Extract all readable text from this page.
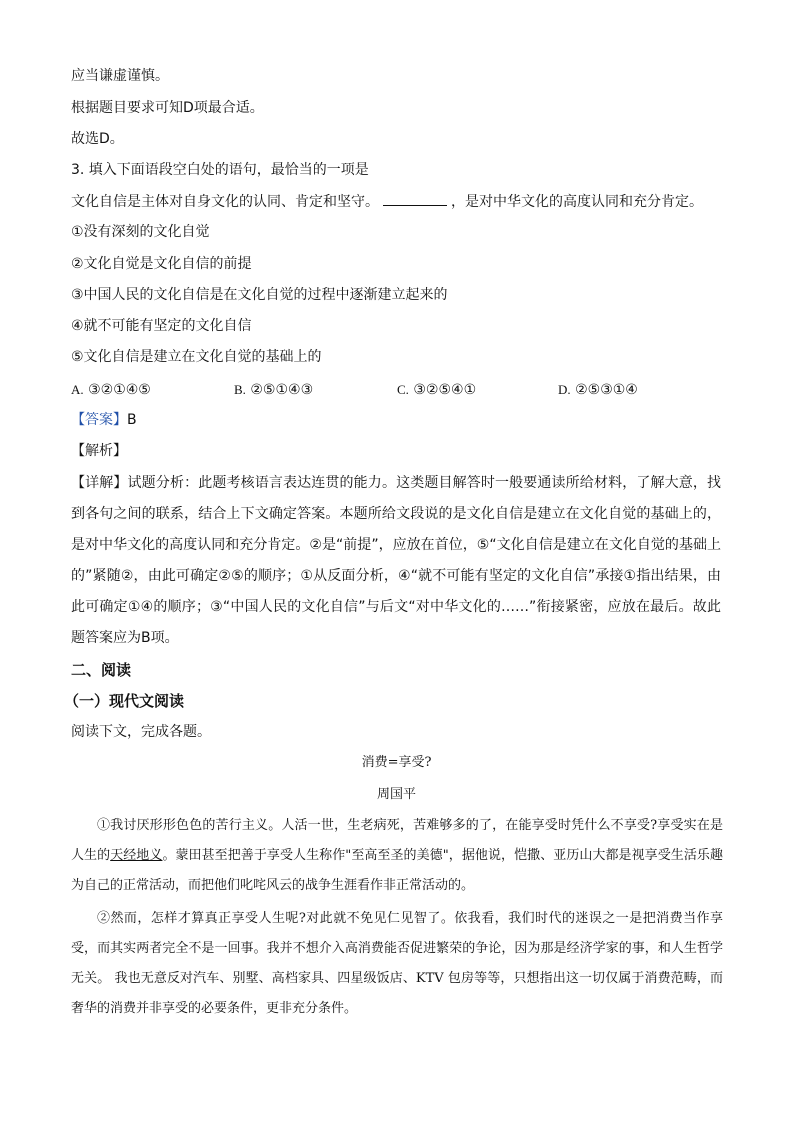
应当谦虚谨慎。
根据题目要求可知D项最合适。
故选D。
3. 填入下面语段空白处的语句，最恰当的一项是
文化自信是主体对自身文化的认同、肯定和坚守。	，是对中华文化的高度认同和充分肯定。
①没有深刻的文化自觉
②文化自觉是文化自信的前提
③中国人民的文化自信是在文化自觉的过程中逐渐建立起来的
④就不可能有坚定的文化自信
⑤文化自信是建立在文化自觉的基础上的
A. ③②①④⑤	B. ②⑤①④③	C. ③②⑤④①	D. ②⑤③①④
【答案】B
【解析】
【详解】试题分析：此题考核语言表达连贯的能力。这类题目解答时一般要通读所给材料，了解大意，找到各句之间的联系，结合上下文确定答案。本题所给文段说的是文化自信是建立在文化自觉的基础上的，是对中华文化的高度认同和充分肯定。②是“前提”，应放在首位，⑤“文化自信是建立在文化自觉的基础上的”紧随②，由此可确定②⑤的顺序；①从反面分析，④“就不可能有坚定的文化自信”承接①指出结果，由此可确定①④的顺序；③“中国人民的文化自信”与后文“对中华文化的……”衔接紧密，应放在最后。故此题答案应为B项。
二、阅读
（一）现代文阅读
阅读下文，完成各题。
消费=享受?
周国平
①我讨厌形形色色的苦行主义。人活一世，生老病死，苦难够多的了，在能享受时凭什么不享受?享受实在是人生的天经地义。蒙田甚至把善于享受人生称作"至高至圣的美德"，据他说，恺撒、亚历山大都是视享受生活乐趣为自己的正常活动，而把他们叱咤风云的战争生涯看作非正常活动的。
②然而，怎样才算真正享受人生呢?对此就不免见仁见智了。依我看，我们时代的迷误之一是把消费当作享受，而其实两者完全不是一回事。我并不想介入高消费能否促进繁荣的争论，因为那是经济学家的事，和人生哲学无关。 我也无意反对汽车、别墅、高档家具、四星级饭店、KTV 包房等等，只想指出这一切仅属于消费范畴，而奢华的消费并非享受的必要条件，更非充分条件。
